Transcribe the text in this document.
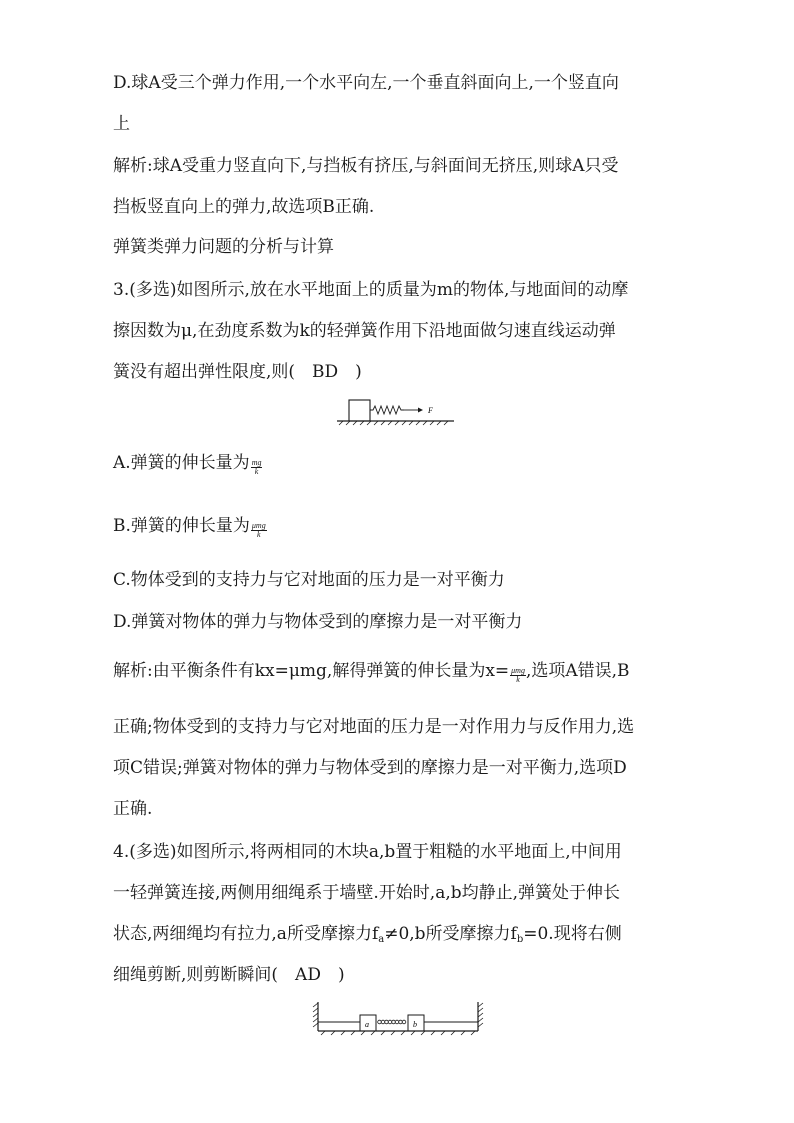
D.球A受三个弹力作用,一个水平向左,一个垂直斜面向上,一个竖直向
上
解析:球A受重力竖直向下,与挡板有挤压,与斜面间无挤压,则球A只受
挡板竖直向上的弹力,故选项B正确.
弹簧类弹力问题的分析与计算
3.(多选)如图所示,放在水平地面上的质量为m的物体,与地面间的动摩
擦因数为μ,在劲度系数为k的轻弹簧作用下沿地面做匀速直线运动弹
簧没有超出弹性限度,则(　BD　)
F
A.弹簧的伸长量为 $\frac{mg}{k}$
B.弹簧的伸长量为 $\frac{\text{μmg}}{k}$
C.物体受到的支持力与它对地面的压力是一对平衡力
D.弹簧对物体的弹力与物体受到的摩擦力是一对平衡力
解析:由平衡条件有kx=μmg,解得弹簧的伸长量为$x= \frac{\text{μmg}}{k}$ ,选项A错误,B
正确;物体受到的支持力与它对地面的压力是一对作用力与反作用力,选
项C错误;弹簧对物体的弹力与物体受到的摩擦力是一对平衡力,选项D
正确.
4.(多选)如图所示,将两相同的木块a,b置于粗糙的水平地面上,中间用
一轻弹簧连接,两侧用细绳系于墙壁.开始时,a,b均静止,弹簧处于伸长
状态,两细绳均有拉力,a所受摩擦力$f_a\ne 0,b$所受摩擦力$f_b=0$.现将右侧
细绳剪断,则剪断瞬间(　AD　)
a	b
